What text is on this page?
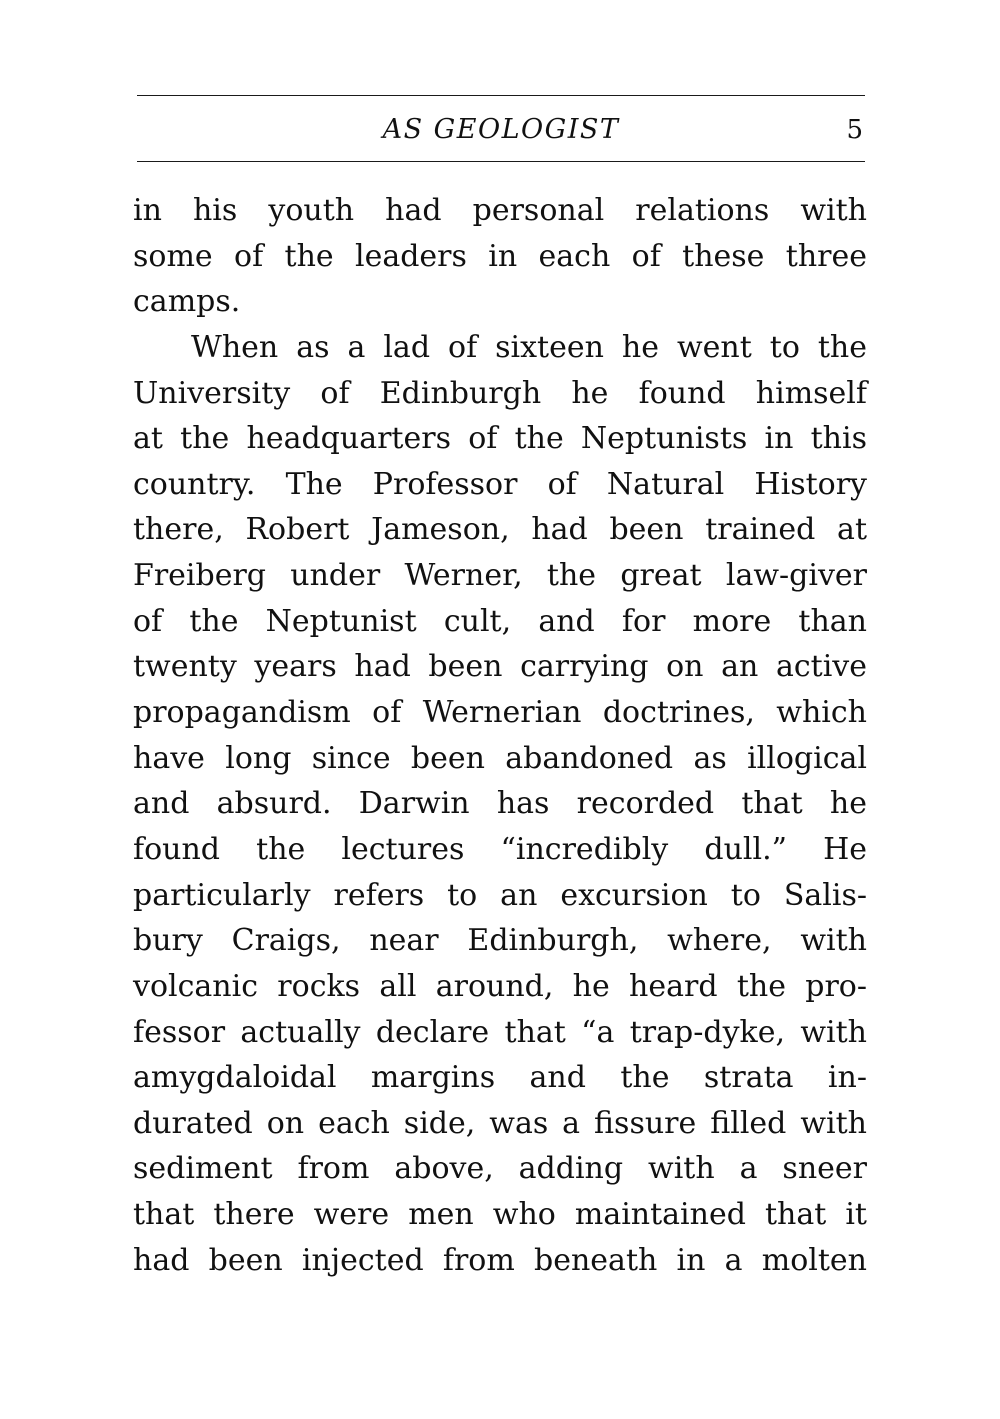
AS GEOLOGIST	5
in his youth had personal relations with
some of the leaders in each of these three
camps.
When as a lad of sixteen he went to the
University of Edinburgh he found himself
at the headquarters of the Neptunists in this
country. The Professor of Natural History
there, Robert Jameson, had been trained at
Freiberg under Werner, the great law-giver
of the Neptunist cult, and for more than
twenty years had been carrying on an active
propagandism of Wernerian doctrines, which
have long since been abandoned as illogical
and absurd. Darwin has recorded that he
found the lectures “incredibly dull.” He
particularly refers to an excursion to Salis-
bury Craigs, near Edinburgh, where, with
volcanic rocks all around, he heard the pro-
fessor actually declare that “a trap-dyke, with
amygdaloidal margins and the strata in-
durated on each side, was a fissure filled with
sediment from above, adding with a sneer
that there were men who maintained that it
had been injected from beneath in a molten
